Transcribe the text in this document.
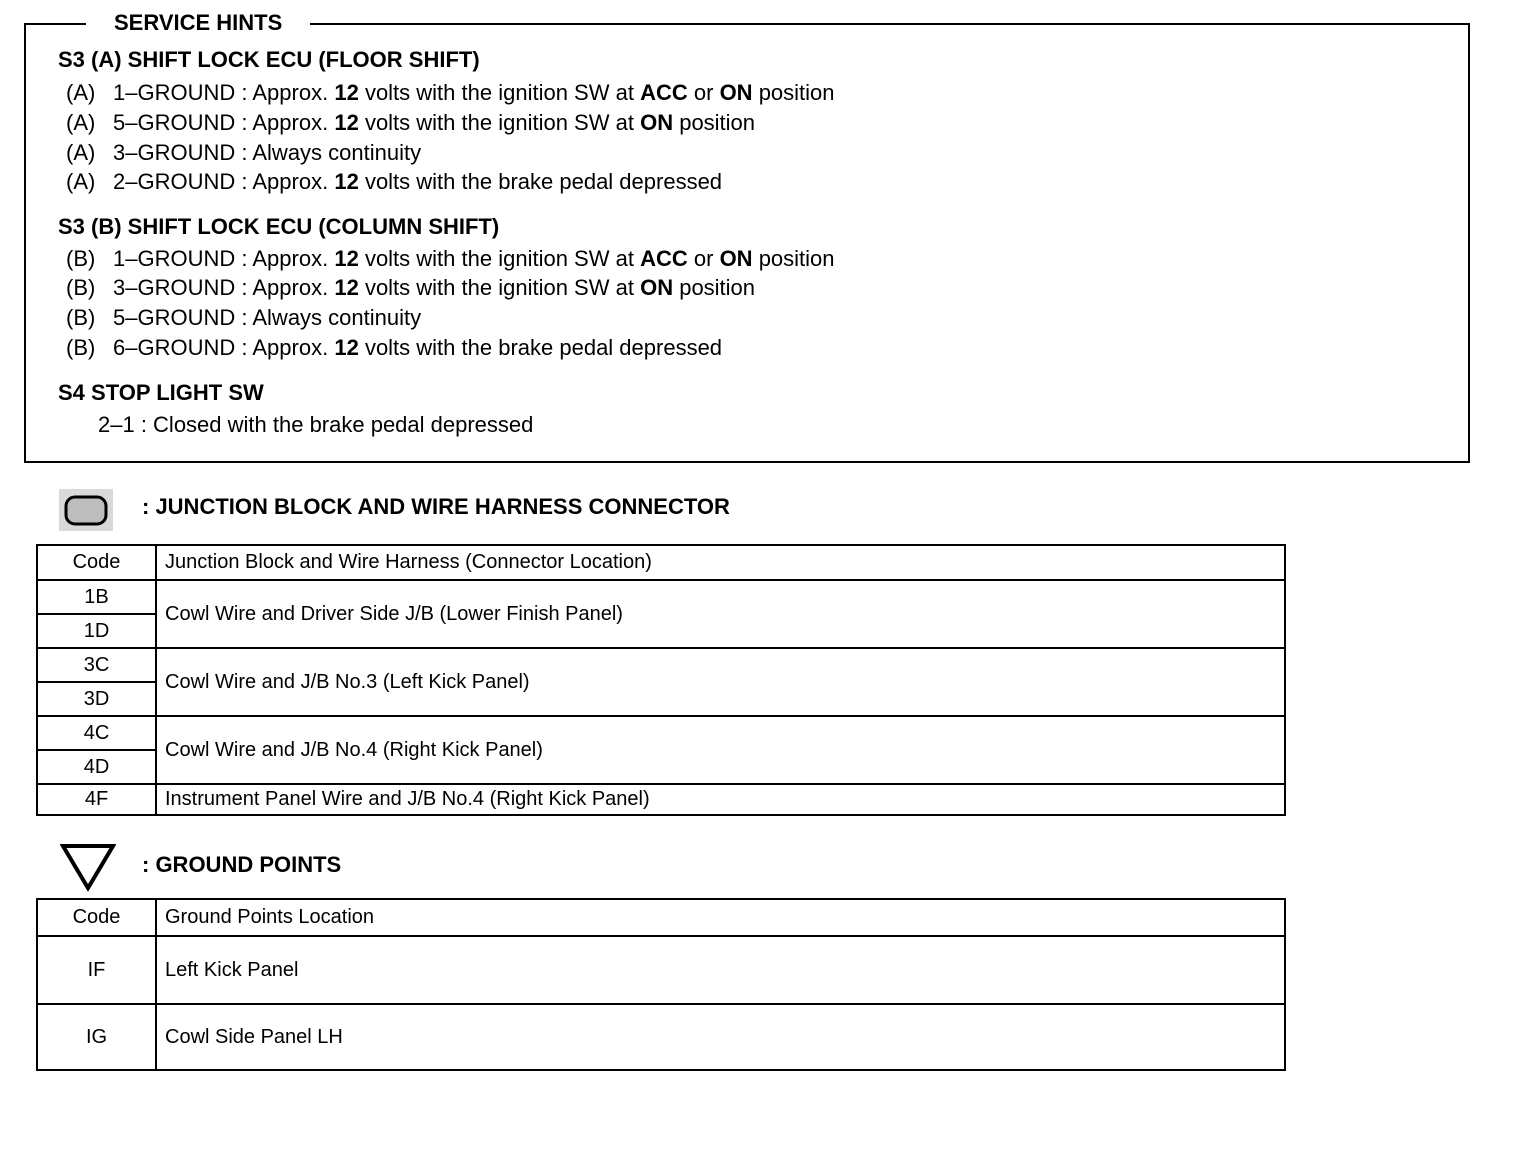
SERVICE HINTS
S3 (A) SHIFT LOCK ECU (FLOOR SHIFT)
(A) 1–GROUND : Approx. 12 volts with the ignition SW at ACC or ON position
(A) 5–GROUND : Approx. 12 volts with the ignition SW at ON position
(A) 3–GROUND : Always continuity
(A) 2–GROUND : Approx. 12 volts with the brake pedal depressed
S3 (B) SHIFT LOCK ECU (COLUMN SHIFT)
(B) 1–GROUND : Approx. 12 volts with the ignition SW at ACC or ON position
(B) 3–GROUND : Approx. 12 volts with the ignition SW at ON position
(B) 5–GROUND : Always continuity
(B) 6–GROUND : Approx. 12 volts with the brake pedal depressed
S4 STOP LIGHT SW
2–1 : Closed with the brake pedal depressed
: JUNCTION BLOCK AND WIRE HARNESS CONNECTOR
Code	Junction Block and Wire Harness (Connector Location)
1B	Cowl Wire and Driver Side J/B (Lower Finish Panel)
1D	
3C	Cowl Wire and J/B No.3 (Left Kick Panel)
3D	
4C	Cowl Wire and J/B No.4 (Right Kick Panel)
4D	
4F	Instrument Panel Wire and J/B No.4 (Right Kick Panel)
: GROUND POINTS
Code	Ground Points Location
IF	Left Kick Panel
IG	Cowl Side Panel LH
